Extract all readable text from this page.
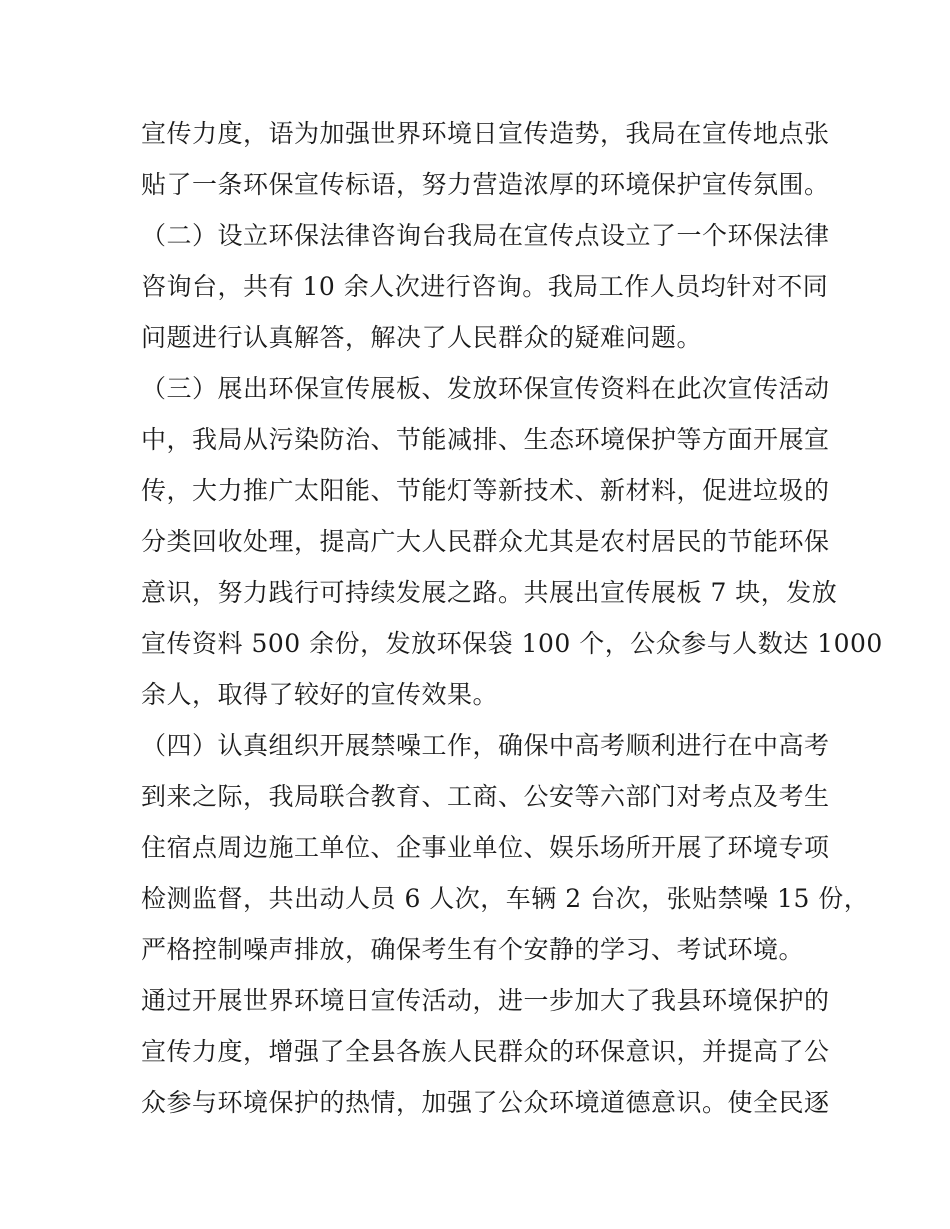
宣传力度，语为加强世界环境日宣传造势，我局在宣传地点张
贴了一条环保宣传标语，努力营造浓厚的环境保护宣传氛围。
（二）设立环保法律咨询台我局在宣传点设立了一个环保法律
咨询台，共有 10 余人次进行咨询。我局工作人员均针对不同
问题进行认真解答，解决了人民群众的疑难问题。
（三）展出环保宣传展板、发放环保宣传资料在此次宣传活动
中，我局从污染防治、节能减排、生态环境保护等方面开展宣
传，大力推广太阳能、节能灯等新技术、新材料，促进垃圾的
分类回收处理，提高广大人民群众尤其是农村居民的节能环保
意识，努力践行可持续发展之路。共展出宣传展板 7 块，发放
宣传资料 500 余份，发放环保袋 100 个，公众参与人数达 1000
余人，取得了较好的宣传效果。
（四）认真组织开展禁噪工作，确保中高考顺利进行在中高考
到来之际，我局联合教育、工商、公安等六部门对考点及考生
住宿点周边施工单位、企事业单位、娱乐场所开展了环境专项
检测监督，共出动人员 6 人次，车辆 2 台次，张贴禁噪 15 份，
严格控制噪声排放，确保考生有个安静的学习、考试环境。
通过开展世界环境日宣传活动，进一步加大了我县环境保护的
宣传力度，增强了全县各族人民群众的环保意识，并提高了公
众参与环境保护的热情，加强了公众环境道德意识。使全民逐
